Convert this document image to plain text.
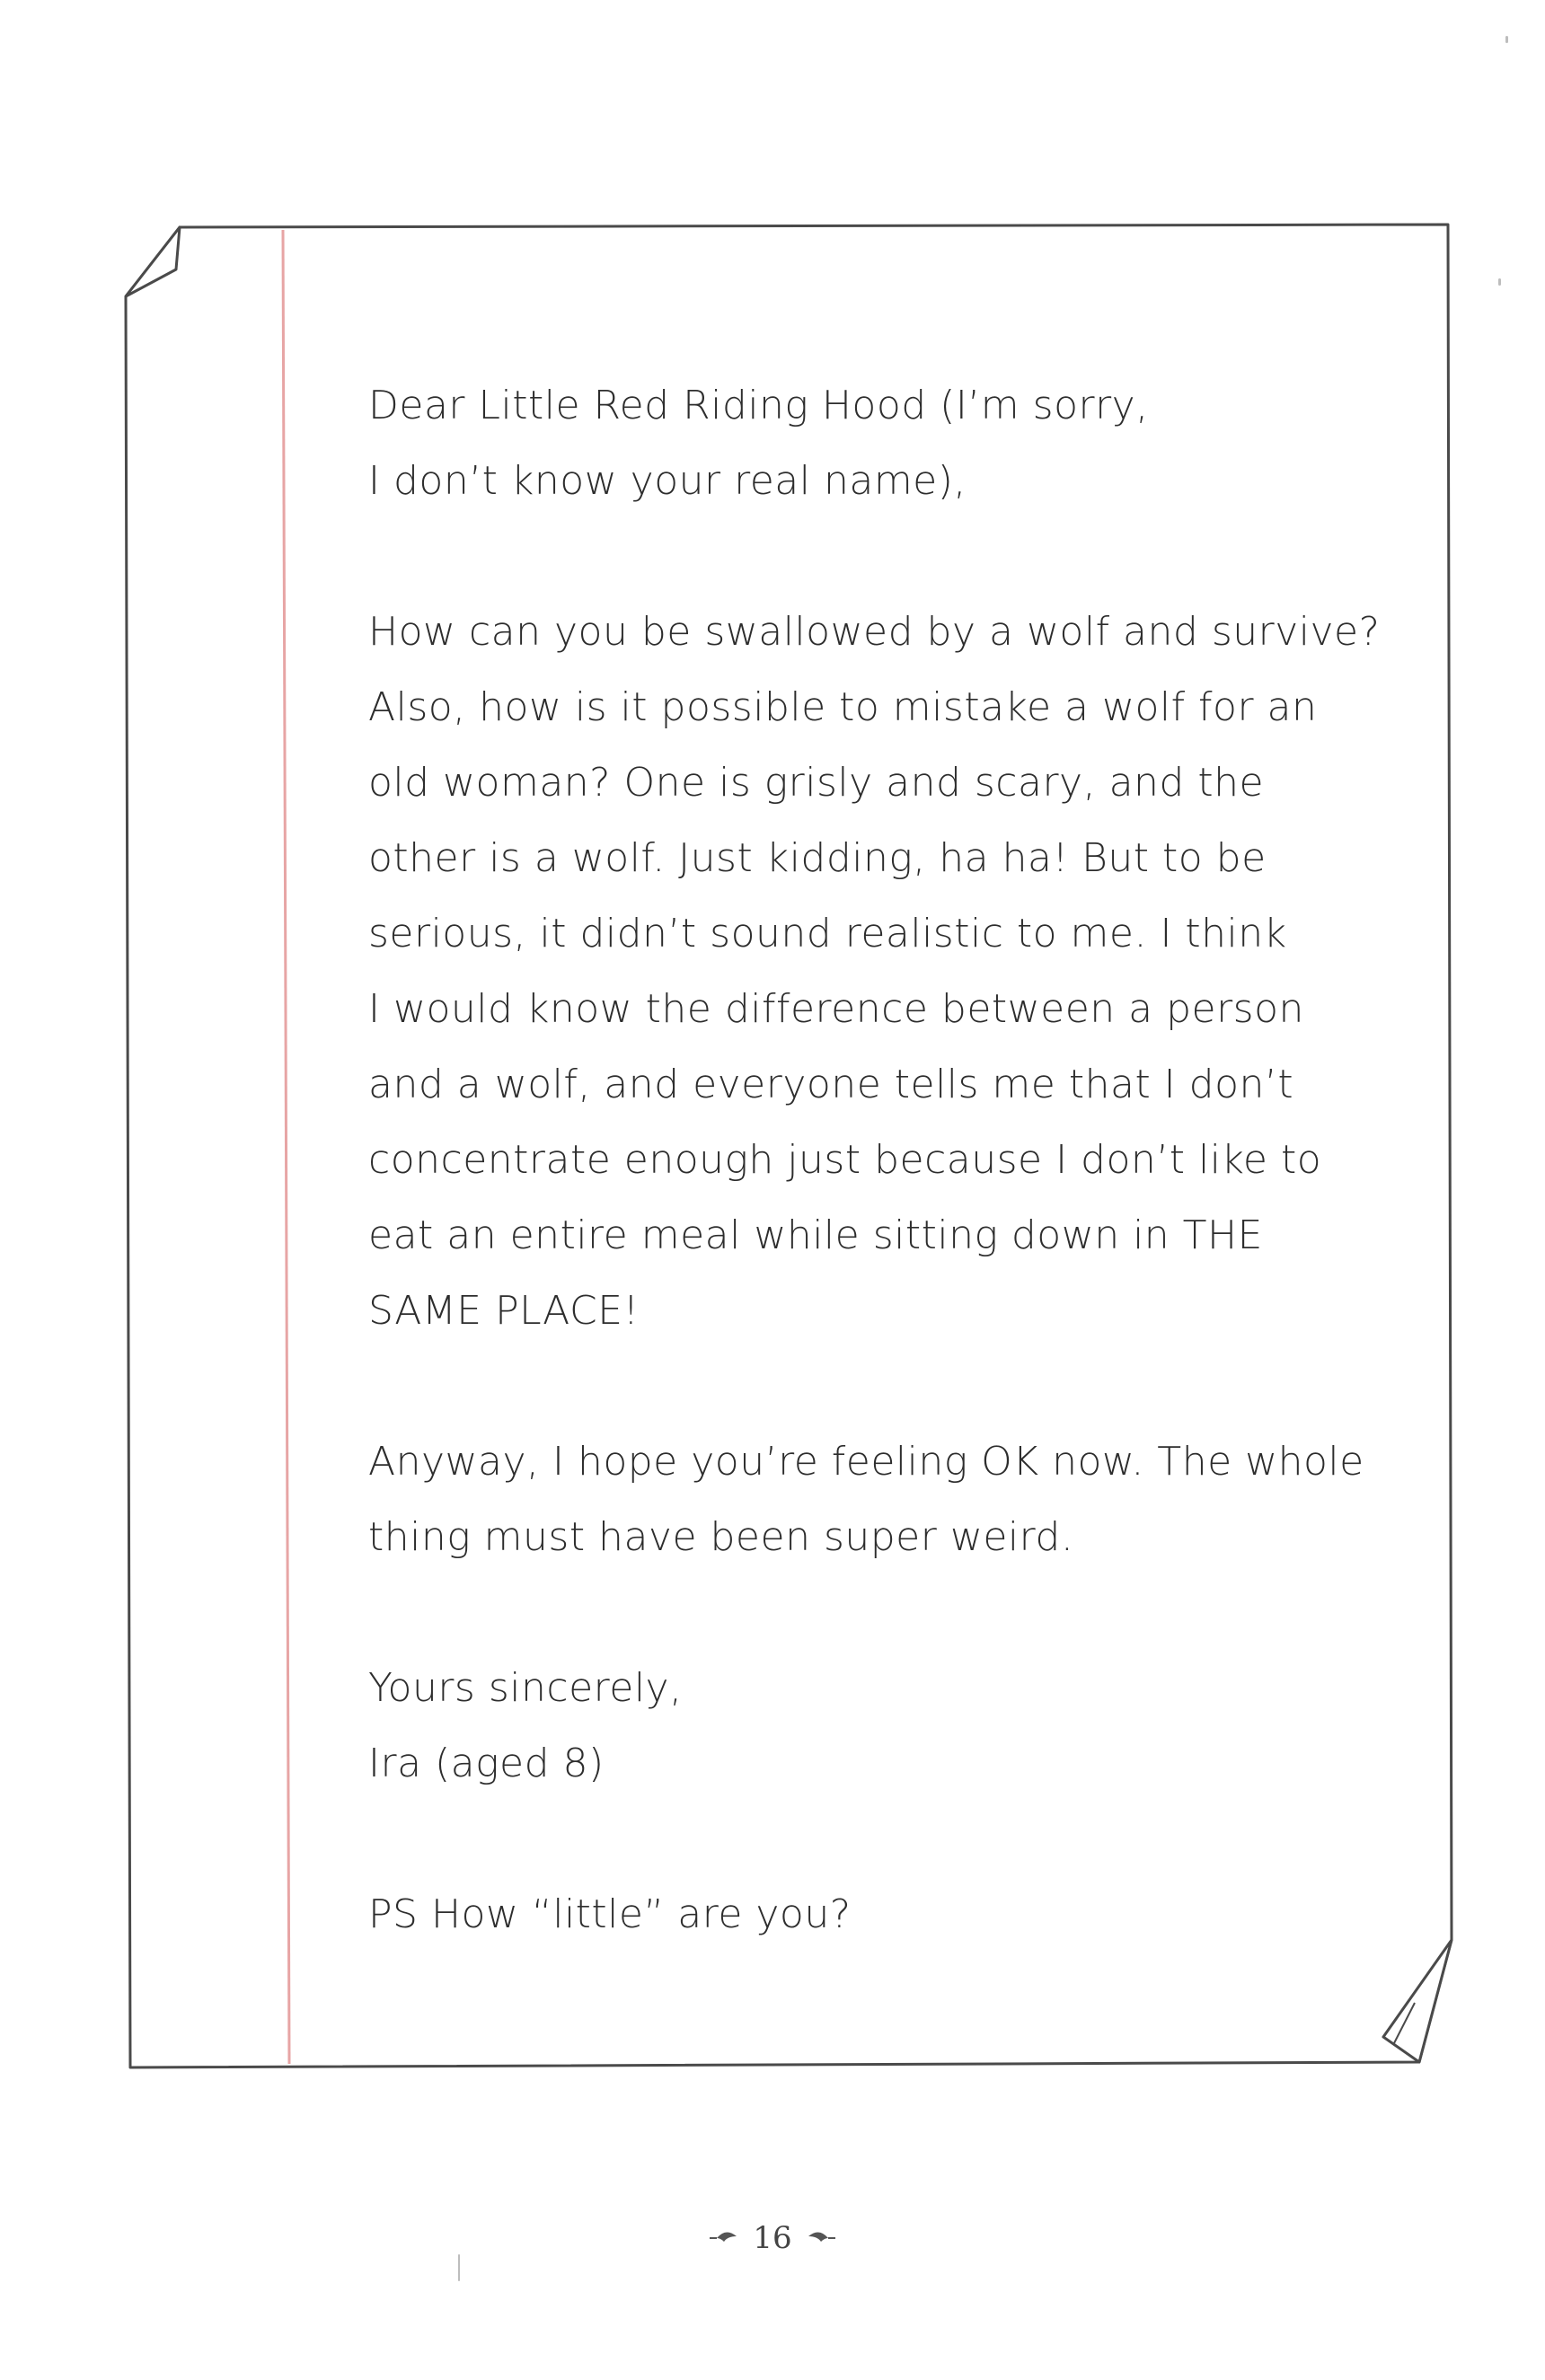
Dear Little Red Riding Hood (I’m sorry,
I don’t know your real name),
How can you be swallowed by a wolf and survive?
Also, how is it possible to mistake a wolf for an
old woman? One is grisly and scary, and the
other is a wolf. Just kidding, ha ha! But to be
serious, it didn’t sound realistic to me. I think
I would know the difference between a person
and a wolf, and everyone tells me that I don’t
concentrate enough just because I don’t like to
eat an entire meal while sitting down in THE
SAME PLACE!
Anyway, I hope you’re feeling OK now. The whole
thing must have been super weird.
Yours sincerely,
Ira (aged 8)
PS How “little” are you?
16
